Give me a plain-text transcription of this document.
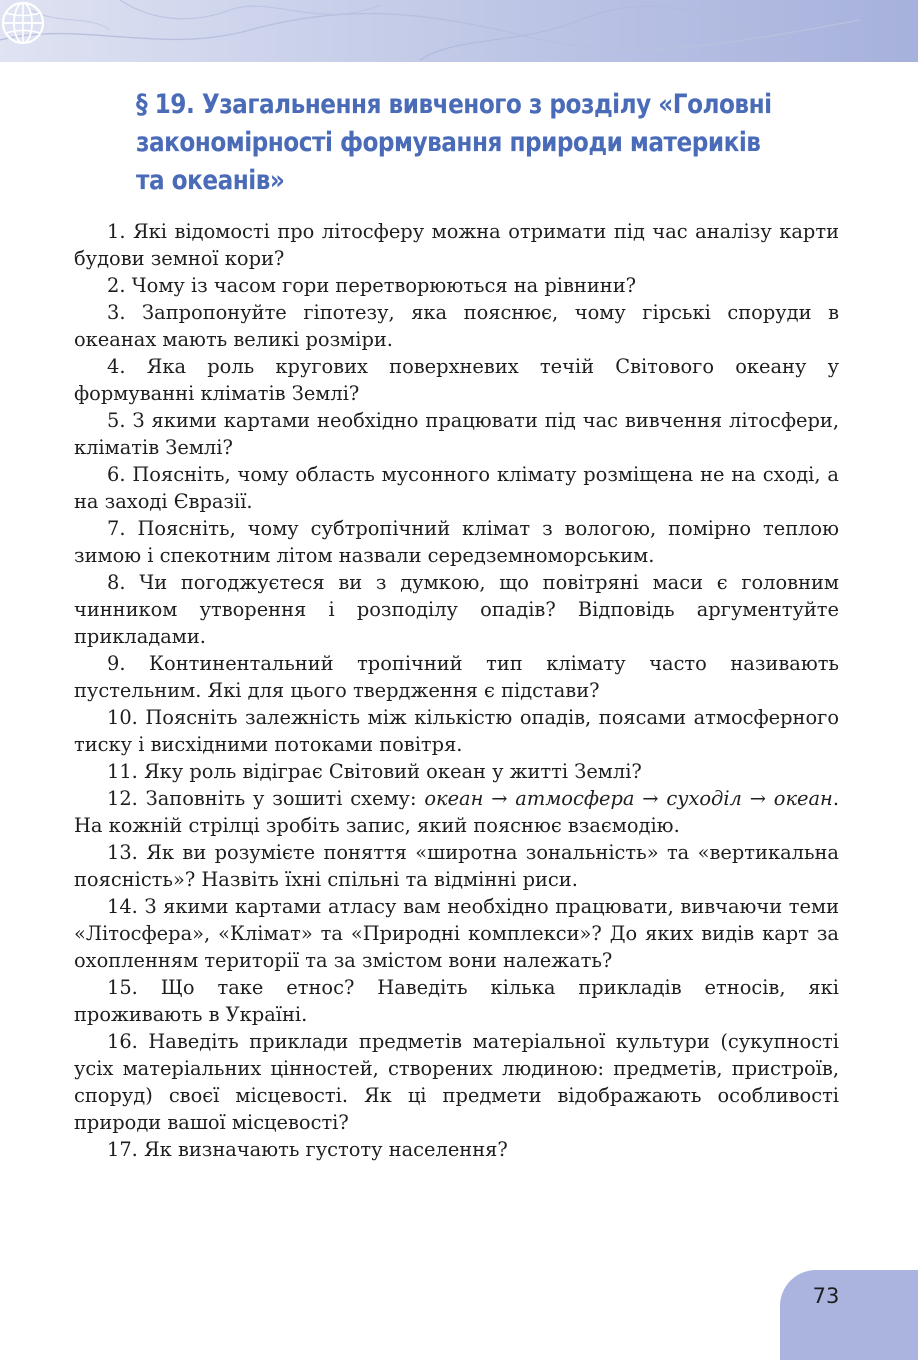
§ 19. Узагальнення вивченого з розділу «Головні
закономірності формування природи материків
та океанів»

1. Які відомості про літосферу можна отримати під час аналізу карти будови земної кори?

2. Чому із часом гори перетворюються на рівнини?

3. Запропонуйте гіпотезу, яка пояснює, чому гірські споруди в океанах мають великі розміри.

4. Яка роль кругових поверхневих течій Світового океану у формуванні кліматів Землі?

5. З якими картами необхідно працювати під час вивчення літосфери, кліматів Землі?

6. Поясніть, чому область мусонного клімату розміщена не на сході, а на заході Євразії.

7. Поясніть, чому субтропічний клімат з вологою, помірно теплою зимою і спекотним літом назвали середземноморським.

8. Чи погоджуєтеся ви з думкою, що повітряні маси є головним чинником утворення і розподілу опадів? Відповідь аргументуйте прикладами.

9. Континентальний тропічний тип клімату часто називають пустельним. Які для цього твердження є підстави?

10. Поясніть залежність між кількістю опадів, поясами атмосферного тиску і висхідними потоками повітря.

11. Яку роль відіграє Світовий океан у житті Землі?

12. Заповніть у зошиті схему: океан → атмосфера → суходіл → океан. На кожній стрілці зробіть запис, який пояснює взаємодію.

13. Як ви розумієте поняття «широтна зональність» та «вертикальна поясність»? Назвіть їхні спільні та відмінні риси.

14. З якими картами атласу вам необхідно працювати, вивчаючи теми «Літосфера», «Клімат» та «Природні комплекси»? До яких видів карт за охопленням території та за змістом вони належать?

15. Що таке етнос? Наведіть кілька прикладів етносів, які проживають в Україні.

16. Наведіть приклади предметів матеріальної культури (сукупності усіх матеріальних цінностей, створених людиною: предметів, пристроїв, споруд) своєї місцевості. Як ці предмети відображають особливості природи вашої місцевості?

17. Як визначають густоту населення?

73
